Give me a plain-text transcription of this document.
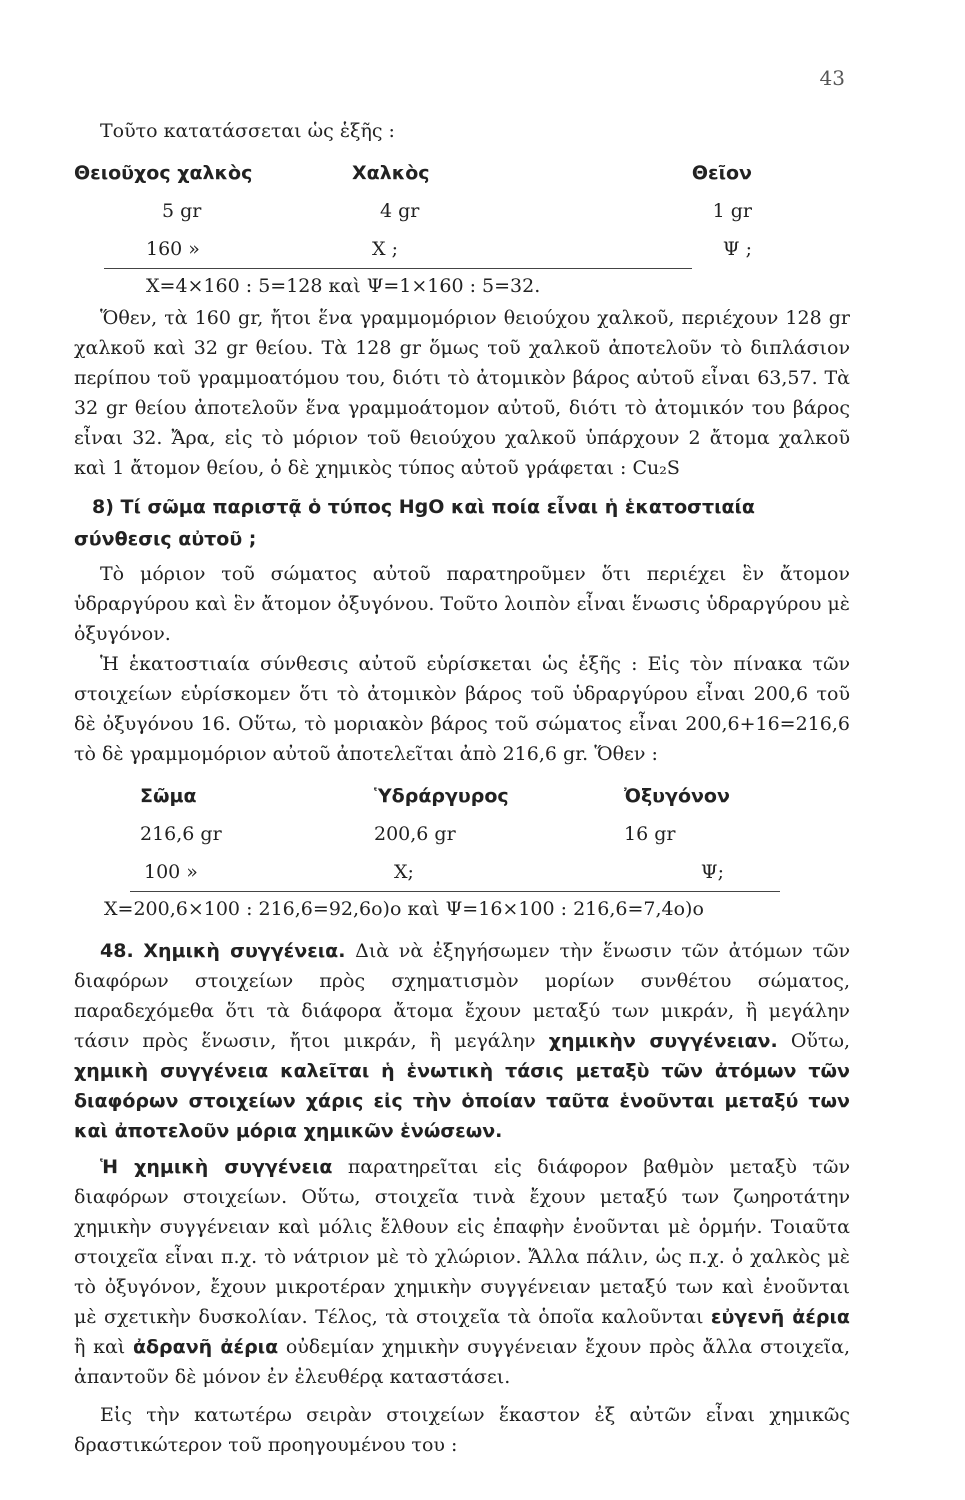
43

Τοῦτο κατατάσσεται ὡς ἑξῆς :

Θειοῦχος χαλκὸς	Χαλκὸς	Θεῖον
5 gr	4 gr	1 gr
160 »	Χ ;	Ψ ;
Χ=4×160 : 5=128 καὶ Ψ=1×160 : 5=32.

Ὅθεν, τὰ 160 gr, ἤτοι ἕνα γραμμομόριον θειούχου χαλκοῦ, περιέχουν 128 gr χαλκοῦ καὶ 32 gr θείου. Τὰ 128 gr ὅμως τοῦ χαλκοῦ ἀποτελοῦν τὸ διπλάσιον περίπου τοῦ γραμμοατόμου του, διότι τὸ ἀτομικὸν βάρος αὐτοῦ εἶναι 63,57. Τὰ 32 gr θείου ἀποτελοῦν ἕνα γραμμοάτομον αὐτοῦ, διότι τὸ ἀτομικόν του βάρος εἶναι 32. Ἄρα, εἰς τὸ μόριον τοῦ θειούχου χαλκοῦ ὑπάρχουν 2 ἄτομα χαλκοῦ καὶ 1 ἄτομον θείου, ὁ δὲ χημικὸς τύπος αὐτοῦ γράφεται : Cu₂S

8) Τί σῶμα παριστᾷ ὁ τύπος HgO καὶ ποία εἶναι ἡ ἑκατοστιαία σύνθεσις αὐτοῦ ;

Τὸ μόριον τοῦ σώματος αὐτοῦ παρατηροῦμεν ὅτι περιέχει ἓν ἄτομον ὑδραργύρου καὶ ἓν ἄτομον ὀξυγόνου. Τοῦτο λοιπὸν εἶναι ἕνωσις ὑδραργύρου μὲ ὀξυγόνον.

Ἡ ἑκατοστιαία σύνθεσις αὐτοῦ εὑρίσκεται ὡς ἑξῆς : Εἰς τὸν πίνακα τῶν στοιχείων εὑρίσκομεν ὅτι τὸ ἀτομικὸν βάρος τοῦ ὑδραργύρου εἶναι 200,6 τοῦ δὲ ὀξυγόνου 16. Οὕτω, τὸ μοριακὸν βάρος τοῦ σώματος εἶναι 200,6+16=216,6 τὸ δὲ γραμμομόριον αὐτοῦ ἀποτελεῖται ἀπὸ 216,6 gr. Ὅθεν :

Σῶμα	Ὑδράργυρος	Ὀξυγόνον
216,6 gr	200,6 gr	16 gr
100 »	Χ;	Ψ;
Χ=200,6×100 : 216,6=92,6ο)ο καὶ Ψ=16×100 : 216,6=7,4ο)ο

48. Χημικὴ συγγένεια. Διὰ νὰ ἐξηγήσωμεν τὴν ἕνωσιν τῶν ἀτόμων τῶν διαφόρων στοιχείων πρὸς σχηματισμὸν μορίων συνθέτου σώματος, παραδεχόμεθα ὅτι τὰ διάφορα ἄτομα ἔχουν μεταξύ των μικράν, ἢ μεγάλην τάσιν πρὸς ἕνωσιν, ἤτοι μικράν, ἢ μεγάλην χημικὴν συγγένειαν. Οὕτω, χημικὴ συγγένεια καλεῖται ἡ ἑνωτικὴ τάσις μεταξὺ τῶν ἀτόμων τῶν διαφόρων στοιχείων χάρις εἰς τὴν ὁποίαν ταῦτα ἑνοῦνται μεταξύ των καὶ ἀποτελοῦν μόρια χημικῶν ἑνώσεων.

Ἡ χημικὴ συγγένεια παρατηρεῖται εἰς διάφορον βαθμὸν μεταξὺ τῶν διαφόρων στοιχείων. Οὕτω, στοιχεῖα τινὰ ἔχουν μεταξύ των ζωηροτάτην χημικὴν συγγένειαν καὶ μόλις ἔλθουν εἰς ἐπαφὴν ἑνοῦνται μὲ ὁρμήν. Τοιαῦτα στοιχεῖα εἶναι π.χ. τὸ νάτριον μὲ τὸ χλώριον. Ἄλλα πάλιν, ὡς π.χ. ὁ χαλκὸς μὲ τὸ ὀξυγόνον, ἔχουν μικροτέραν χημικὴν συγγένειαν μεταξύ των καὶ ἑνοῦνται μὲ σχετικὴν δυσκολίαν. Τέλος, τὰ στοιχεῖα τὰ ὁποῖα καλοῦνται εὐγενῆ ἀέρια ἢ καὶ ἀδρανῆ ἀέρια οὐδεμίαν χημικὴν συγγένειαν ἔχουν πρὸς ἄλλα στοιχεῖα, ἀπαντοῦν δὲ μόνον ἐν ἐλευθέρᾳ καταστάσει.

Εἰς τὴν κατωτέρω σειρὰν στοιχείων ἕκαστον ἐξ αὐτῶν εἶναι χημικῶς δραστικώτερον τοῦ προηγουμένου του :
